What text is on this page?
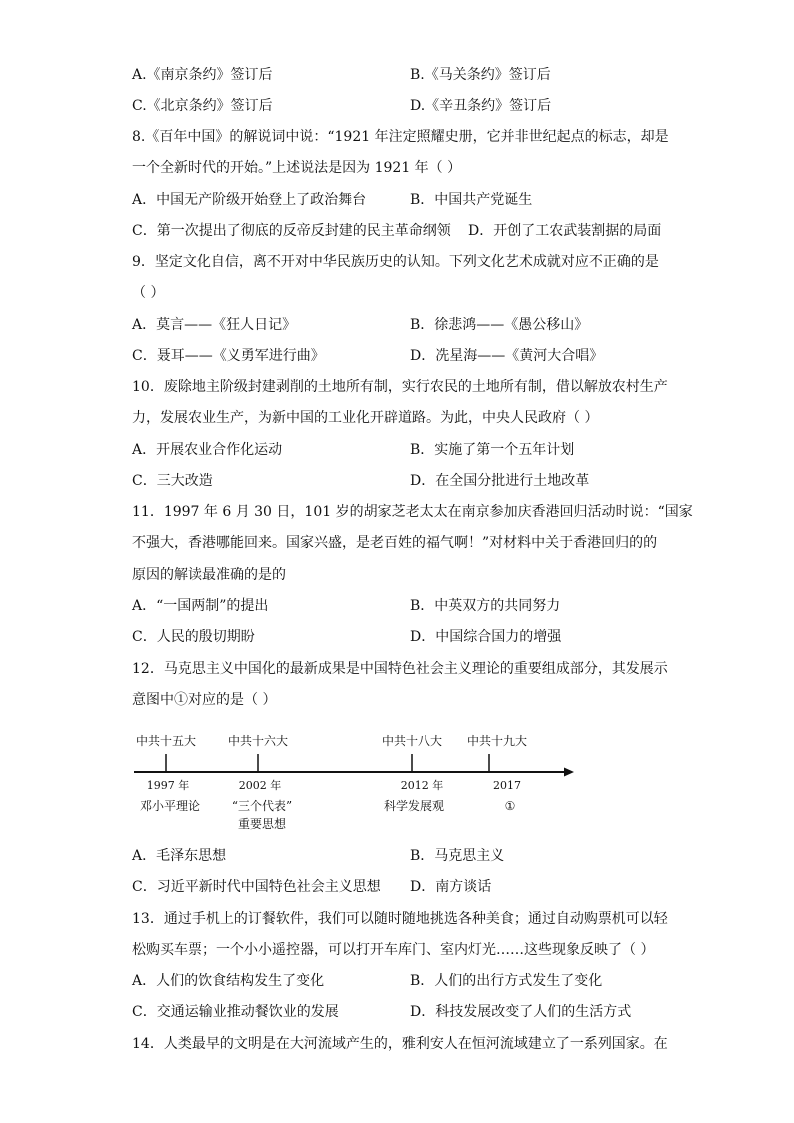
A.《南京条约》签订后	B.《马关条约》签订后
C.《北京条约》签订后	D.《辛丑条约》签订后
8.《百年中国》的解说词中说：“1921 年注定照耀史册，它并非世纪起点的标志，却是
一个全新时代的开始。”上述说法是因为 1921 年（ ）
A．中国无产阶级开始登上了政治舞台	B．中国共产党诞生
C．第一次提出了彻底的反帝反封建的民主革命纲领 D．开创了工农武装割据的局面
9．坚定文化自信，离不开对中华民族历史的认知。下列文化艺术成就对应不正确的是
（ ）
A．莫言——《狂人日记》	B．徐悲鸿——《愚公移山》
C．聂耳——《义勇军进行曲》	D．冼星海——《黄河大合唱》
10．废除地主阶级封建剥削的土地所有制，实行农民的土地所有制，借以解放农村生产
力，发展农业生产，为新中国的工业化开辟道路。为此，中央人民政府（ ）
A．开展农业合作化运动	B．实施了第一个五年计划
C．三大改造	D．在全国分批进行土地改革
11．1997 年 6 月 30 日，101 岁的胡家芝老太太在南京参加庆香港回归活动时说：“国家
不强大，香港哪能回来。国家兴盛，是老百姓的福气啊！”对材料中关于香港回归的的
原因的解读最准确的是的
A．“一国两制”的提出	B．中英双方的共同努力
C．人民的殷切期盼	D．中国综合国力的增强
12．马克思主义中国化的最新成果是中国特色社会主义理论的重要组成部分，其发展示
意图中①对应的是（ ）
中共十五大	中共十六大	中共十八大 中共十九大
1997 年	2002 年	2012 年	2017
邓小平理论	“三个代表”
重要思想
科学发展观	①
A．毛泽东思想	B．马克思主义
C．习近平新时代中国特色社会主义思想 D．南方谈话
13．通过手机上的订餐软件，我们可以随时随地挑选各种美食；通过自动购票机可以轻
松购买车票；一个小小遥控器，可以打开车库门、室内灯光……这些现象反映了（ ）
A．人们的饮食结构发生了变化	B．人们的出行方式发生了变化
C．交通运输业推动餐饮业的发展	D．科技发展改变了人们的生活方式
14．人类最早的文明是在大河流域产生的，雅利安人在恒河流域建立了一系列国家。在
